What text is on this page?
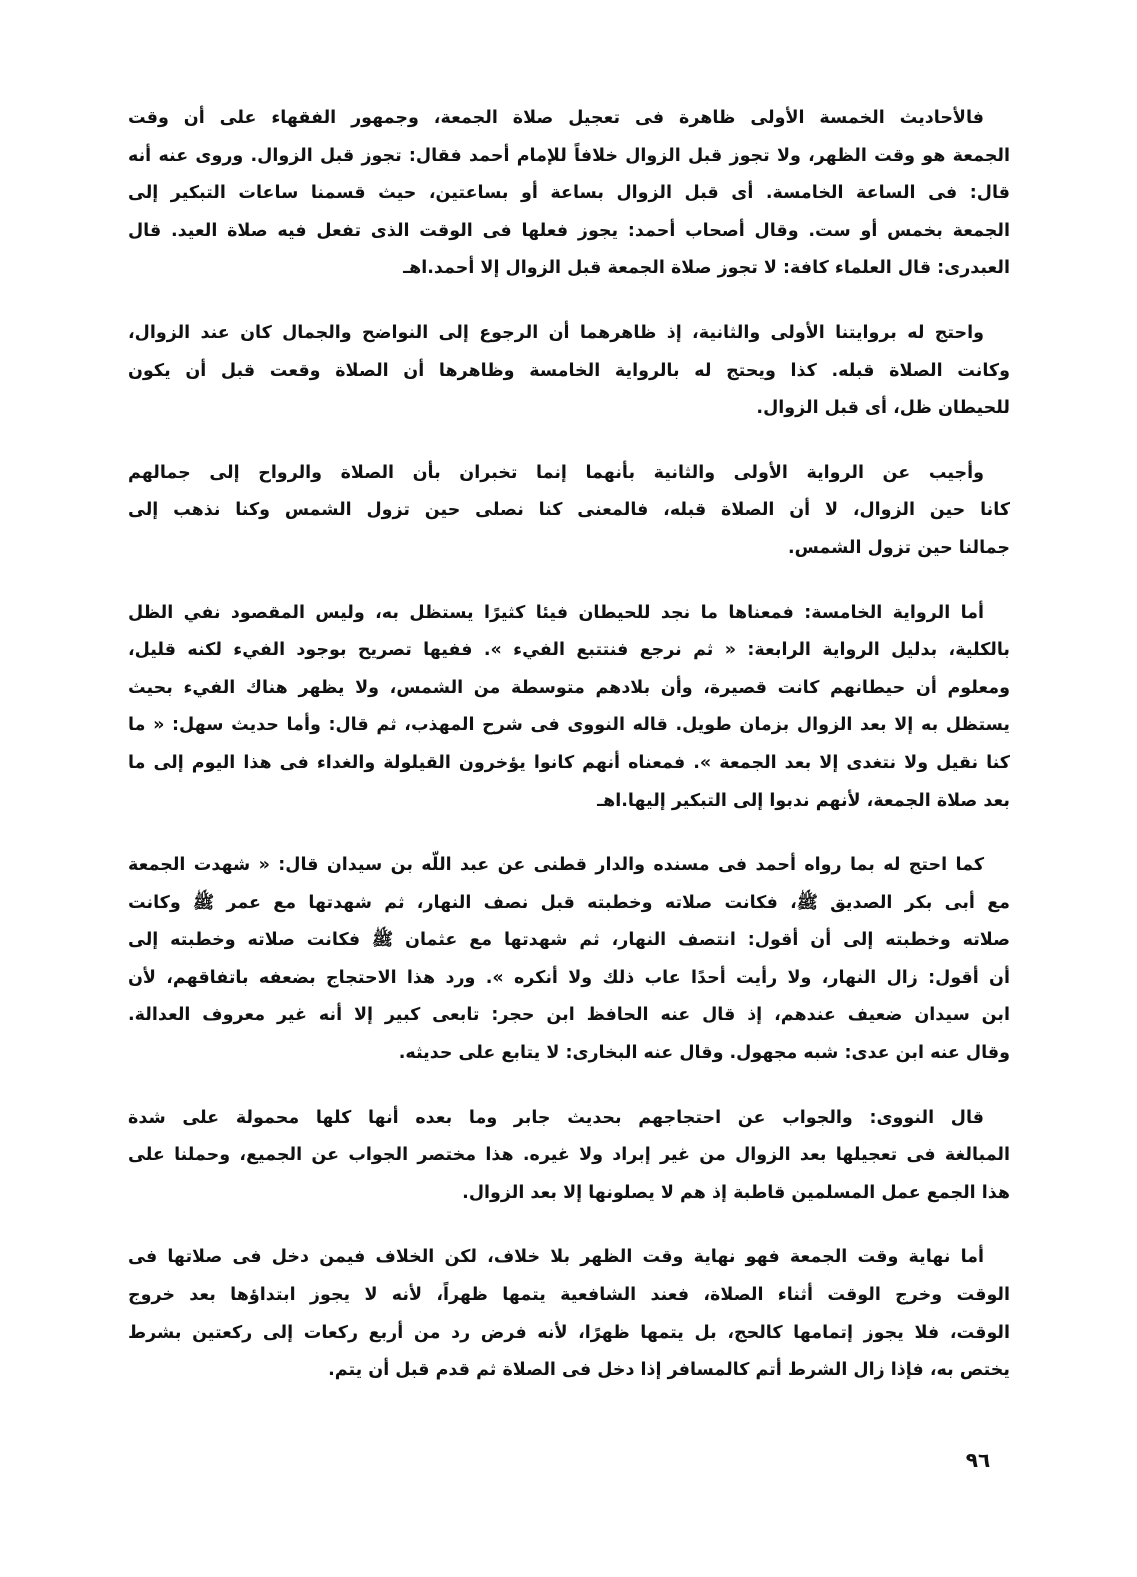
فالأحاديث الخمسة الأولى ظاهرة فى تعجيل صلاة الجمعة، وجمهور الفقهاء على أن وقت
الجمعة هو وقت الظهر، ولا تجوز قبل الزوال خلافاً للإمام أحمد فقال: تجوز قبل الزوال. وروى عنه أنه
قال: فى الساعة الخامسة. أى قبل الزوال بساعة أو بساعتين، حيث قسمنا ساعات التبكير إلى
الجمعة بخمس أو ست. وقال أصحاب أحمد: يجوز فعلها فى الوقت الذى تفعل فيه صلاة العيد. قال
العبدرى: قال العلماء كافة: لا تجوز صلاة الجمعة قبل الزوال إلا أحمد.اهـ
واحتج له بروايتنا الأولى والثانية، إذ ظاهرهما أن الرجوع إلى النواضح والجمال كان عند الزوال،
وكانت الصلاة قبله. كذا ويحتج له بالرواية الخامسة وظاهرها أن الصلاة وقعت قبل أن يكون
للحيطان ظل، أى قبل الزوال.
وأجيب عن الرواية الأولى والثانية بأنهما إنما تخبران بأن الصلاة والرواح إلى جمالهم
كانا حين الزوال، لا أن الصلاة قبله، فالمعنى كنا نصلى حين تزول الشمس وكنا نذهب إلى
جمالنا حين تزول الشمس.
أما الرواية الخامسة: فمعناها ما نجد للحيطان فيئا كثيرًا يستظل به، وليس المقصود نفي الظل
بالكلية، بدليل الرواية الرابعة: « ثم نرجع فنتتبع الفيء ». ففيها تصريح بوجود الفيء لكنه قليل،
ومعلوم أن حيطانهم كانت قصيرة، وأن بلادهم متوسطة من الشمس، ولا يظهر هناك الفيء بحيث
يستظل به إلا بعد الزوال بزمان طويل. قاله النووى فى شرح المهذب، ثم قال: وأما حديث سهل: « ما
كنا نقيل ولا نتغدى إلا بعد الجمعة ». فمعناه أنهم كانوا يؤخرون القيلولة والغداء فى هذا اليوم إلى ما
بعد صلاة الجمعة، لأنهم ندبوا إلى التبكير إليها.اهـ
كما احتج له بما رواه أحمد فى مسنده والدار قطنى عن عبد اللّه بن سيدان قال: « شهدت الجمعة
مع أبى بكر الصديق ﷺ، فكانت صلاته وخطبته قبل نصف النهار، ثم شهدتها مع عمر ﷺ وكانت
صلاته وخطبته إلى أن أقول: انتصف النهار، ثم شهدتها مع عثمان ﷺ فكانت صلاته وخطبته إلى
أن أقول: زال النهار، ولا رأيت أحدًا عاب ذلك ولا أنكره ». ورد هذا الاحتجاج بضعفه باتفاقهم، لأن
ابن سيدان ضعيف عندهم، إذ قال عنه الحافظ ابن حجر: تابعى كبير إلا أنه غير معروف العدالة.
وقال عنه ابن عدى: شبه مجهول. وقال عنه البخارى: لا يتابع على حديثه.
قال النووى: والجواب عن احتجاجهم بحديث جابر وما بعده أنها كلها محمولة على شدة
المبالغة فى تعجيلها بعد الزوال من غير إبراد ولا غيره. هذا مختصر الجواب عن الجميع، وحملنا على
هذا الجمع عمل المسلمين قاطبة إذ هم لا يصلونها إلا بعد الزوال.
أما نهاية وقت الجمعة فهو نهاية وقت الظهر بلا خلاف، لكن الخلاف فيمن دخل فى صلاتها فى
الوقت وخرج الوقت أثناء الصلاة، فعند الشافعية يتمها ظهراً، لأنه لا يجوز ابتداؤها بعد خروج
الوقت، فلا يجوز إتمامها كالحج، بل يتمها ظهرًا، لأنه فرض رد من أربع ركعات إلى ركعتين بشرط
يختص به، فإذا زال الشرط أتم كالمسافر إذا دخل فى الصلاة ثم قدم قبل أن يتم.
٩٦
